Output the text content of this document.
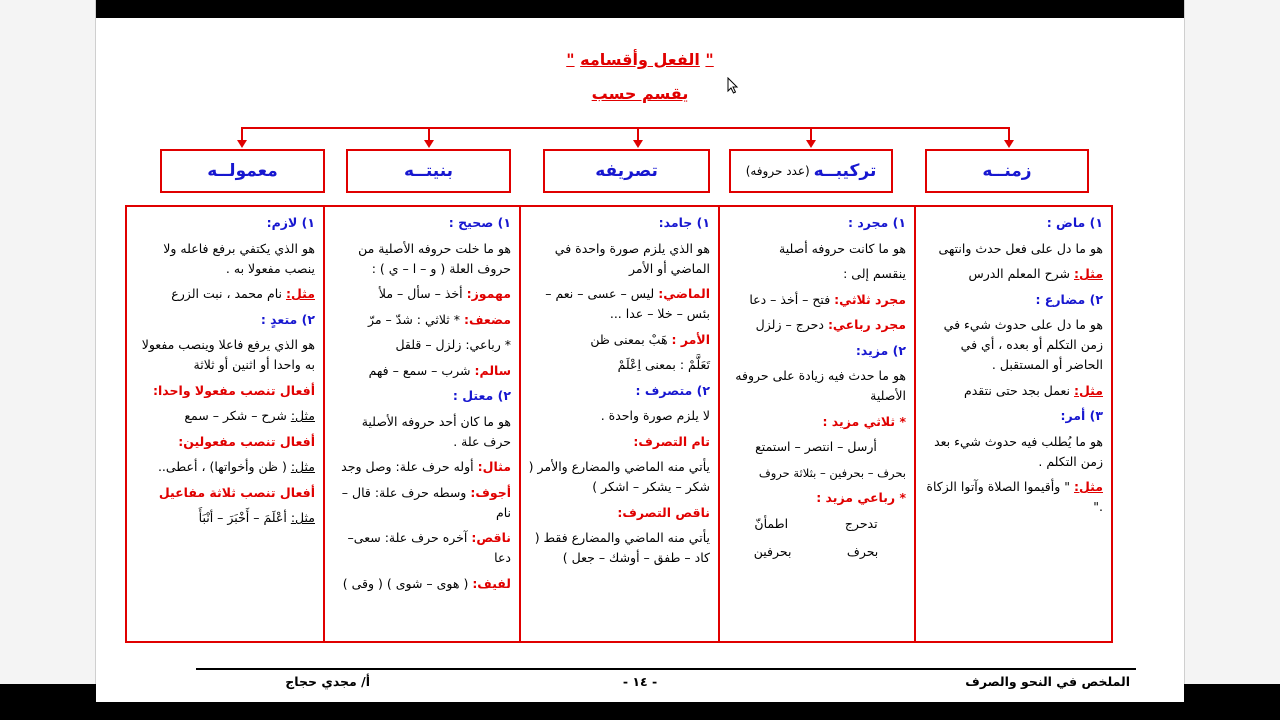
" الفعل وأقسامه "
يقسم حسب
زمنــه
تركيبــه
(عدد حروفه)
تصريفه
بنيتــه
معمولــه

١) ماض :

هو ما دل على فعل حدث وانتهى

مثل: شرح المعلم الدرس

٢) مضارع :

هو ما دل على حدوث شيء في زمن التكلم أو بعده ، أي في الحاضر أو المستقبل .

مثل: نعمل بجد حتى نتقدم

٣) أمر:

هو ما يُطلب فيه حدوث شيء بعد زمن التكلم .

مثل: " وأقيموا الصلاة وآتوا الزكاة ."

١) مجرد :

هو ما كانت حروفه أصلية

ينقسم إلى :

مجرد ثلاثي: فتح – أخذ – دعا

مجرد رباعي: دحرج – زلزل

٢) مزيد:

هو ما حدث فيه زيادة على حروفه الأصلية

* ثلاثي مزيد :

أرسل – انتصر – استمتع

بحرف – بحرفين – بثلاثة حروف

* رباعي مزيد :

تدحرج
اطمأنّ
بحرف
بحرفين

١) جامد:

هو الذي يلزم صورة واحدة في الماضي أو الأمر

الماضي: ليس – عسى – نعم – بئس – خلا – عدا ...

الأمر : هَبْ بمعنى ظن

تَعَلَّمْ : بمعنى اِعْلَمْ

٢) متصرف :

لا يلزم صورة واحدة .

تام التصرف:

يأتي منه الماضي والمضارع والأمر ( شكر – يشكر – اشكر )

ناقص التصرف:

يأتي منه الماضي والمضارع فقط ( كاد – طفق – أوشك – جعل )

١) صحيح :

هو ما خلت حروفه الأصلية من حروف العلة ( و – ا – ي ) :

مهموز: أخذ – سأل – ملأ

مضعف: * ثلاثي : شدّ – مرّ

* رباعي: زلزل – قلقل

سالم: شرب – سمع – فهم

٢) معتل :

هو ما كان أحد حروفه الأصلية حرف علة .

مثال: أوله حرف علة: وصل وجد

أجوف: وسطه حرف علة: قال – نام

ناقص: آخره حرف علة: سعى–دعا

لفيف: ( هوى – شوى ) ( وقى )

١) لازم:

هو الذي يكتفي برفع فاعله ولا ينصب مفعولا به .

مثل: نام محمد ، نبت الزرع

٢) متعدٍ :

هو الذي يرفع فاعلا وينصب مفعولا به واحدا أو اثنين أو ثلاثة

أفعال تنصب مفعولا واحدا:

مثل: شرح – شكر – سمع

أفعال تنصب مفعولين:

مثل: ( ظن وأخواتها) ، أعطى..

أفعال تنصب ثلاثة مفاعيل

مثل: أعْلَمَ – أَخْبَرَ – أنْبَأَ

الملخص في النحو والصرف
- ١٤ -
أ/ مجدي حجاج
